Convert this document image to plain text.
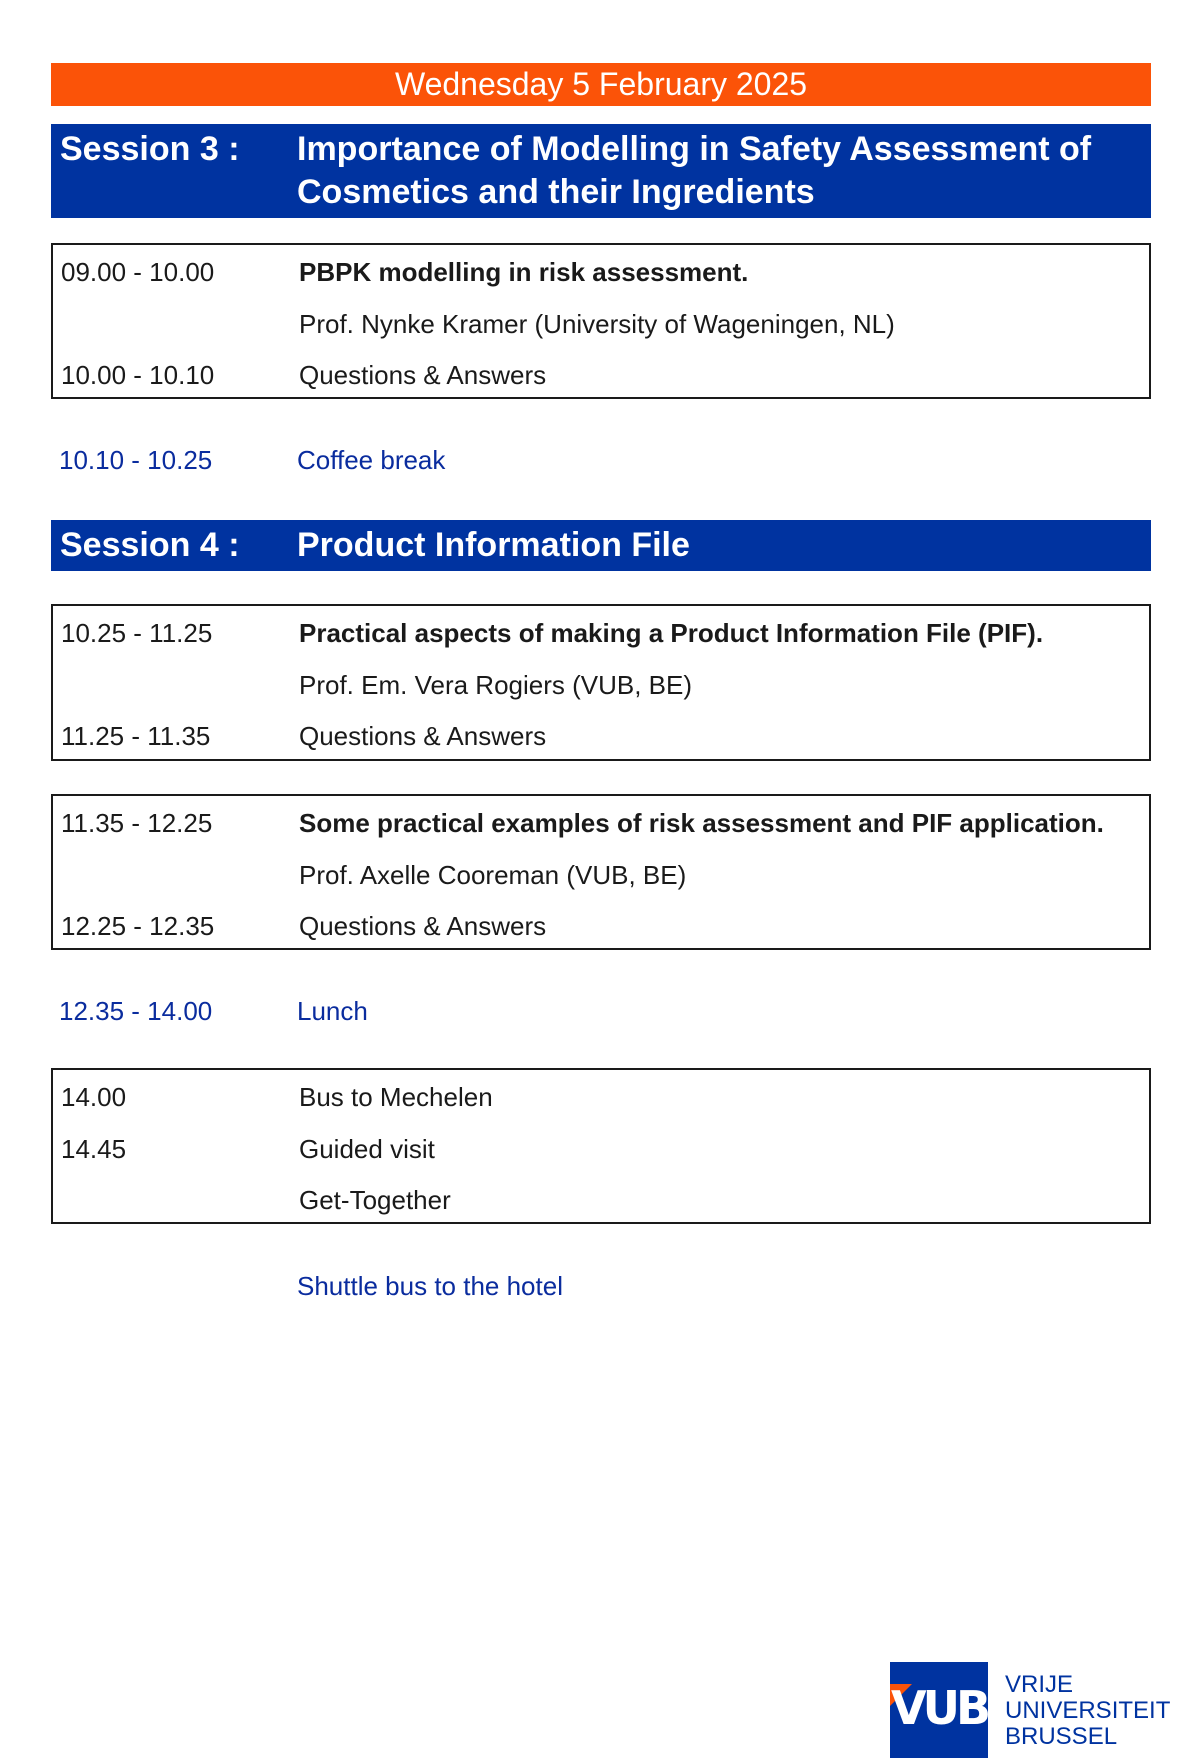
Wednesday 5 February 2025
Session 3 : Importance of Modelling in Safety Assessment of
Cosmetics and their Ingredients
09.00 - 10.00	PBPK modelling in risk assessment.
Prof. Nynke Kramer (University of Wageningen, NL)
10.00 - 10.10	Questions & Answers
10.10 - 10.25	Coffee break
Session 4 : Product Information File
10.25 - 11.25	Practical aspects of making a Product Information File (PIF).
Prof. Em. Vera Rogiers (VUB, BE)
11.25 - 11.35	Questions & Answers
11.35 - 12.25	Some practical examples of risk assessment and PIF application.
Prof. Axelle Cooreman (VUB, BE)
12.25 - 12.35	Questions & Answers
12.35 - 14.00	Lunch
14.00	Bus to Mechelen
14.45	Guided visit
Get-Together
Shuttle bus to the hotel
VUB VRIJE
UNIVERSITEIT
BRUSSEL
